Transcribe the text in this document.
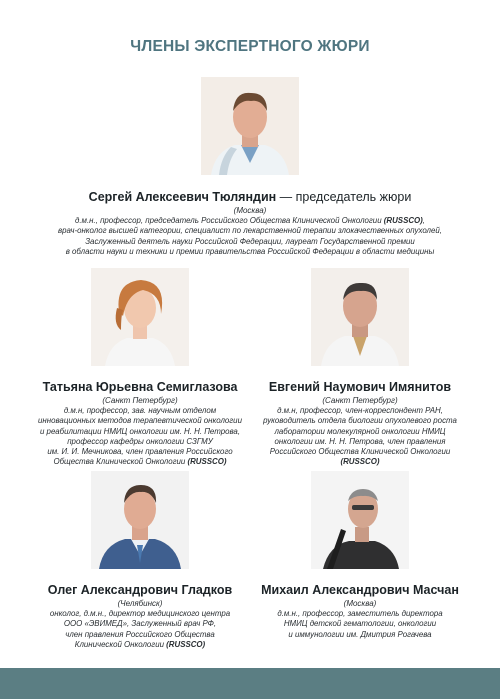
ЧЛЕНЫ ЭКСПЕРТНОГО ЖЮРИ
Сергей Алексеевич Тюляндин — председатель жюри
(Москва)
д.м.н., профессор, председатель Российского Общества Клинической Онкологии (RUSSCO),
врач-онколог высшей категории, специалист по лекарственной терапии злокачественных опухолей,
Заслуженный деятель науки Российской Федерации, лауреат Государственной премии
в области науки и техники и премии правительства Российской Федерации в области медицины
Татьяна Юрьевна Семиглазова
(Санкт Петербург)
д.м.н, профессор, зав. научным отделом
инновационных методов терапевтической онкологии
и реабилитации НМИЦ онкологии им. Н. Н. Петрова,
профессор кафедры онкологии СЗГМУ
им. И. И. Мечникова, член правления Российского
Общества Клинической Онкологии (RUSSCO)
Евгений Наумович Имянитов
(Санкт Петербург)
д.м.н, профессор, член-корреспондент РАН,
руководитель отдела биологии опухолевого роста
лаборатории молекулярной онкологии НМИЦ
онкологии им. Н. Н. Петрова, член правления
Российского Общества Клинической Онкологии
(RUSSCO)
Олег Александрович Гладков
(Челябинск)
онколог, д.м.н., директор медицинского центра
ООО «ЭВИМЕД», Заслуженный врач РФ,
член правления Российского Общества
Клинической Онкологии (RUSSCO)
Михаил Александрович Масчан
(Москва)
д.м.н., профессор, заместитель директора
НМИЦ детской гематологии, онкологии
и иммунологии им. Дмитрия Рогачева
